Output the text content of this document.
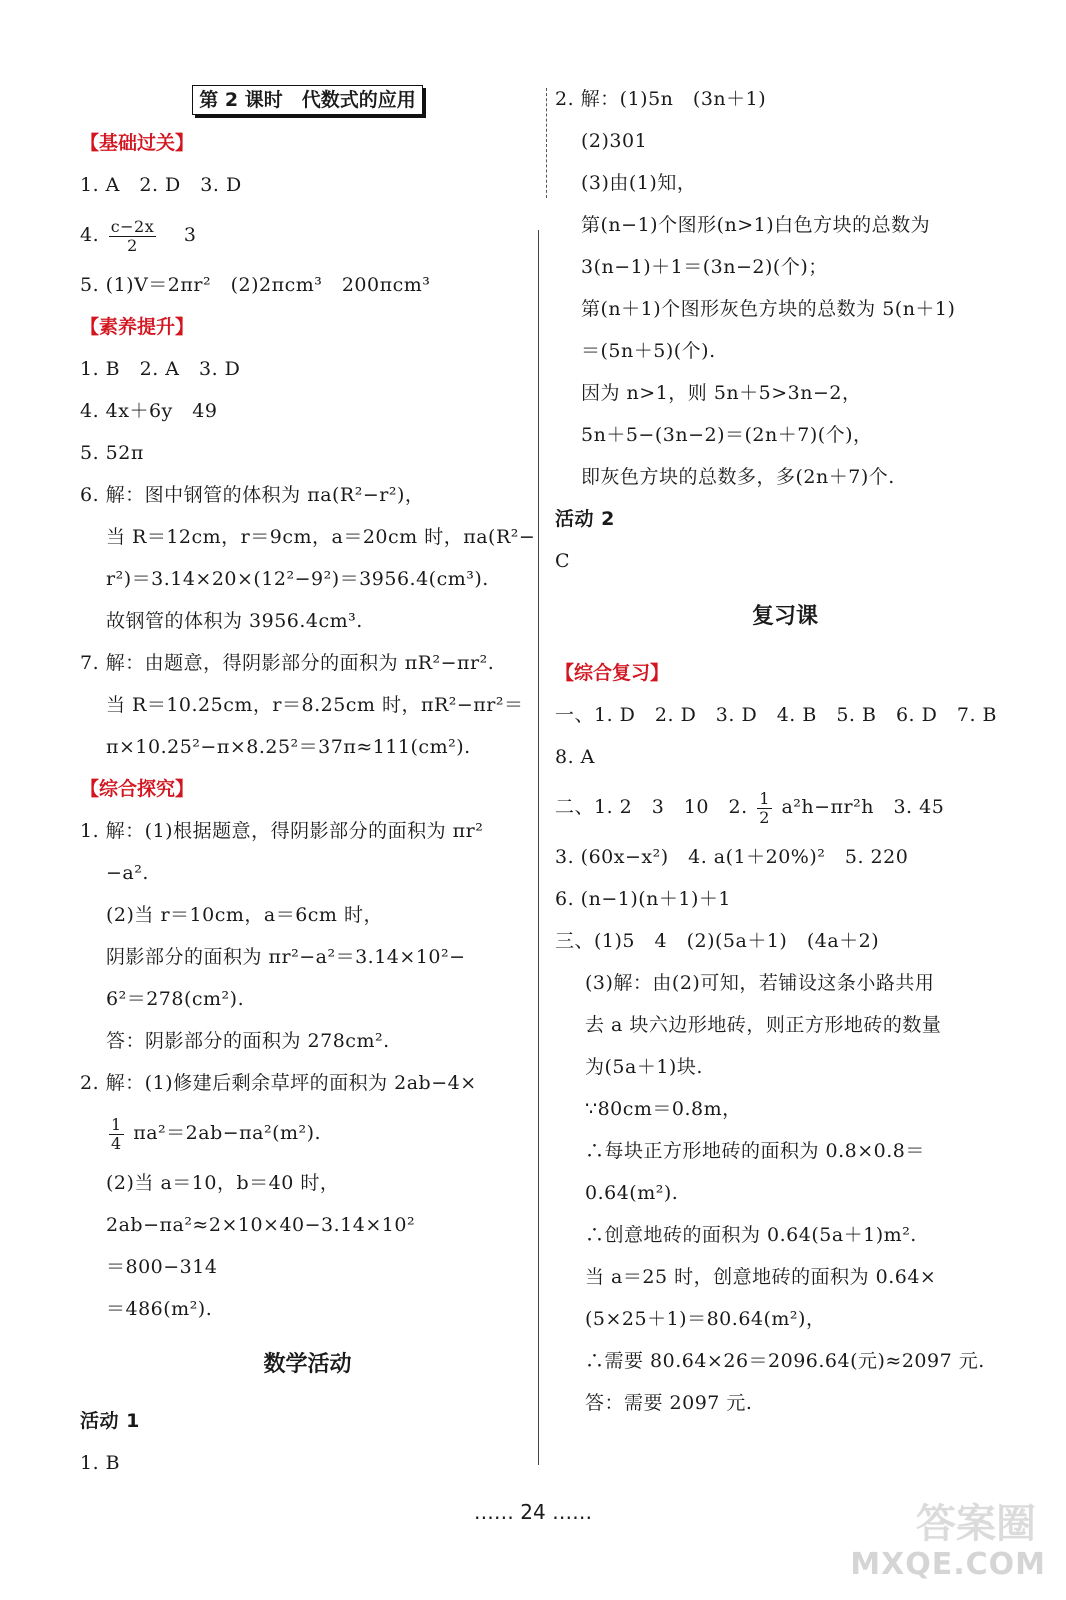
第 2 课时　代数式的应用
【基础过关】
1. A　2. D　3. D
4. $\frac{c-2x}{2} 3$
5. (1)V＝2πr²　(2)2πcm³　200πcm³
【素养提升】
1. B　2. A　3. D
4. 4x＋6y　49
5. 52π
6. 解：图中钢管的体积为 πa(R²−r²)，
当 R＝12cm，r＝9cm，a＝20cm 时，πa(R²−
r²)＝3.14×20×(12²−9²)＝3956.4(cm³).
故钢管的体积为 3956.4cm³.
7. 解：由题意，得阴影部分的面积为 πR²−πr².
当 R＝10.25cm，r＝8.25cm 时，πR²−πr²＝
π×10.25²−π×8.25²＝37π≈111(cm²).
【综合探究】
1. 解：(1)根据题意，得阴影部分的面积为 πr²
−a².
(2)当 r＝10cm，a＝6cm 时，
阴影部分的面积为 πr²−a²＝3.14×10²−
6²＝278(cm²).
答：阴影部分的面积为 278cm².
2. 解：(1)修建后剩余草坪的面积为 2ab−4×
$\frac{1}{4} \pi a^2=2ab-\pi a^2(m^2)$.
(2)当 a＝10，b＝40 时，
2ab−πa²≈2×10×40−3.14×10²
＝800−314
＝486(m²).
数学活动
活动 1
1. B
2. 解：(1)5n　(3n＋1)
(2)301
(3)由(1)知，
第(n−1)个图形(n>1)白色方块的总数为
3(n−1)＋1＝(3n−2)(个)；
第(n＋1)个图形灰色方块的总数为 5(n＋1)
＝(5n＋5)(个).
因为 n>1，则 5n＋5>3n−2，
5n＋5−(3n−2)＝(2n＋7)(个)，
即灰色方块的总数多，多(2n＋7)个.
活动 2
C
复习课
【综合复习】
一、1. D　2. D　3. D　4. B　5. B　6. D　7. B
8. A
二、1. 2　3　10　2. $\frac{1}{2} a^2h-\pi r^2h$　3. 45
3. (60x−x²)　4. a(1＋20%)²　5. 220
6. (n−1)(n＋1)＋1
三、(1)5　4　(2)(5a＋1)　(4a＋2)
(3)解：由(2)可知，若铺设这条小路共用
去 a 块六边形地砖，则正方形地砖的数量
为(5a＋1)块.
∵80cm＝0.8m，
∴每块正方形地砖的面积为 0.8×0.8＝
0.64(m²).
∴创意地砖的面积为 0.64(5a＋1)m².
当 a＝25 时，创意地砖的面积为 0.64×
(5×25＋1)＝80.64(m²)，
∴需要 80.64×26＝2096.64(元)≈2097 元.
答：需要 2097 元.
…… 24 ……	答案圈
MXQE.COM
